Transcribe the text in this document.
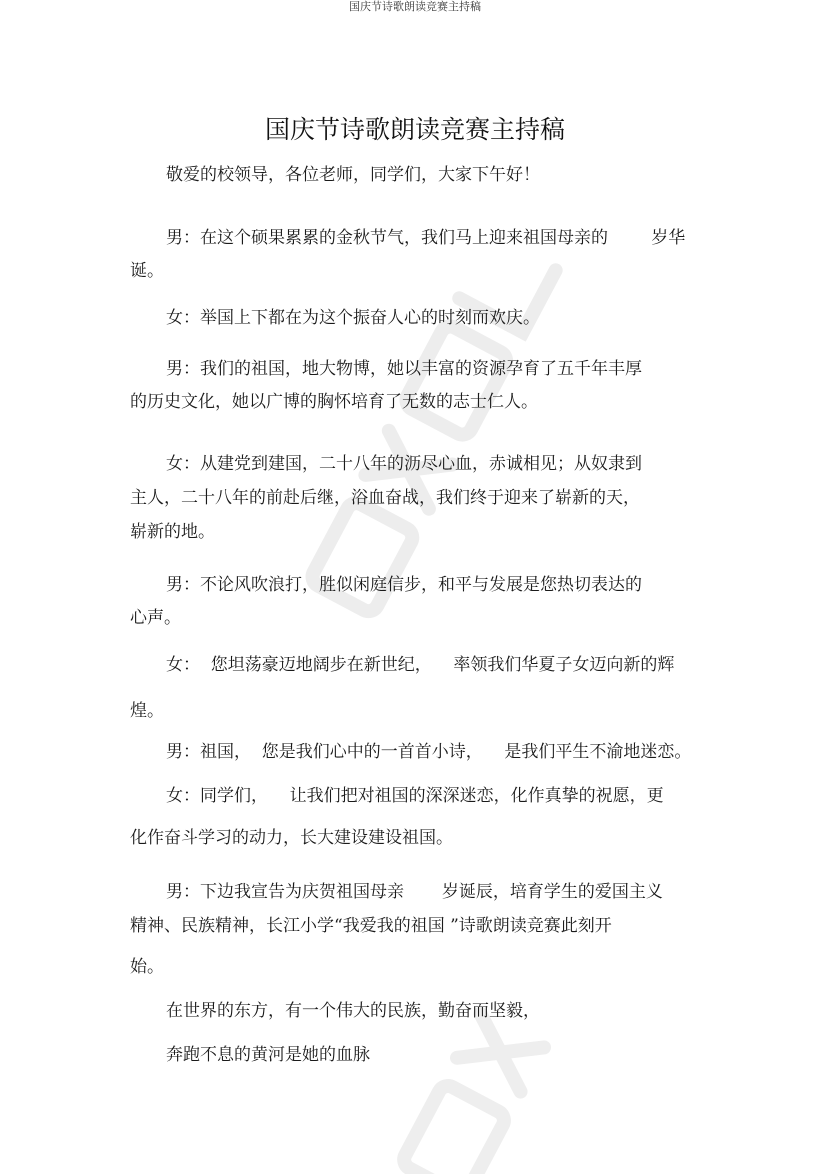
国庆节诗歌朗读竞赛主持稿
国庆节诗歌朗读竞赛主持稿

敬爱的校领导，各位老师，同学们，大家下午好！

男：在这个硕果累累的金秋节气，我们马上迎来祖国母亲的        岁华

诞。

女：举国上下都在为这个振奋人心的时刻而欢庆。

男：我们的祖国，地大物博，她以丰富的资源孕育了五千年丰厚

的历史文化，她以广博的胸怀培育了无数的志士仁人。

女：从建党到建国，二十八年的沥尽心血，赤诚相见；从奴隶到

主人，二十八年的前赴后继，浴血奋战，我们终于迎来了崭新的天，

崭新的地。

男：不论风吹浪打，胜似闲庭信步，和平与发展是您热切表达的

心声。

女：  您坦荡豪迈地阔步在新世纪，    率领我们华夏子女迈向新的辉

煌。

男：祖国，  您是我们心中的一首首小诗，    是我们平生不渝地迷恋。

女：同学们，    让我们把对祖国的深深迷恋，化作真挚的祝愿，更

化作奋斗学习的动力，长大建设建设祖国。

男：下边我宣告为庆贺祖国母亲       岁诞辰，培育学生的爱国主义

精神、民族精神，长江小学“我爱我的祖国 ”诗歌朗读竞赛此刻开

始。

在世界的东方，有一个伟大的民族，勤奋而坚毅，

奔跑不息的黄河是她的血脉
